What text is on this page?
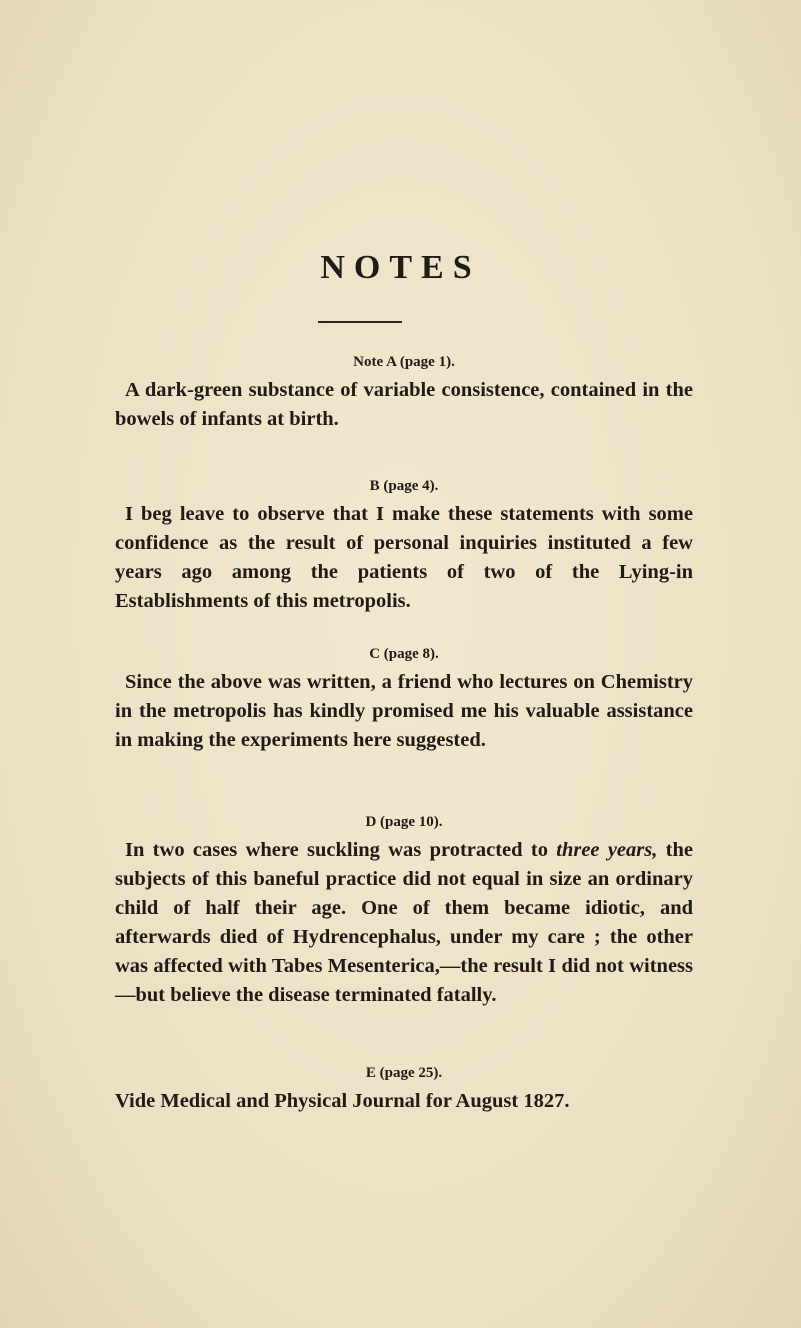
NOTES
Note A (page 1).
A dark-green substance of variable consistence, contained in the bowels of infants at birth.
B (page 4).
I beg leave to observe that I make these statements with some confidence as the result of personal inquiries instituted a few years ago among the patients of two of the Lying-in Establishments of this metropolis.
C (page 8).
Since the above was written, a friend who lectures on Chemistry in the metropolis has kindly promised me his valuable assistance in making the experiments here suggested.
D (page 10).
In two cases where suckling was protracted to three years, the subjects of this baneful practice did not equal in size an ordinary child of half their age. One of them became idiotic, and afterwards died of Hydrencephalus, under my care ; the other was affected with Tabes Mesenterica,—the result I did not witness—but believe the disease terminated fatally.
E (page 25).
Vide Medical and Physical Journal for August 1827.
